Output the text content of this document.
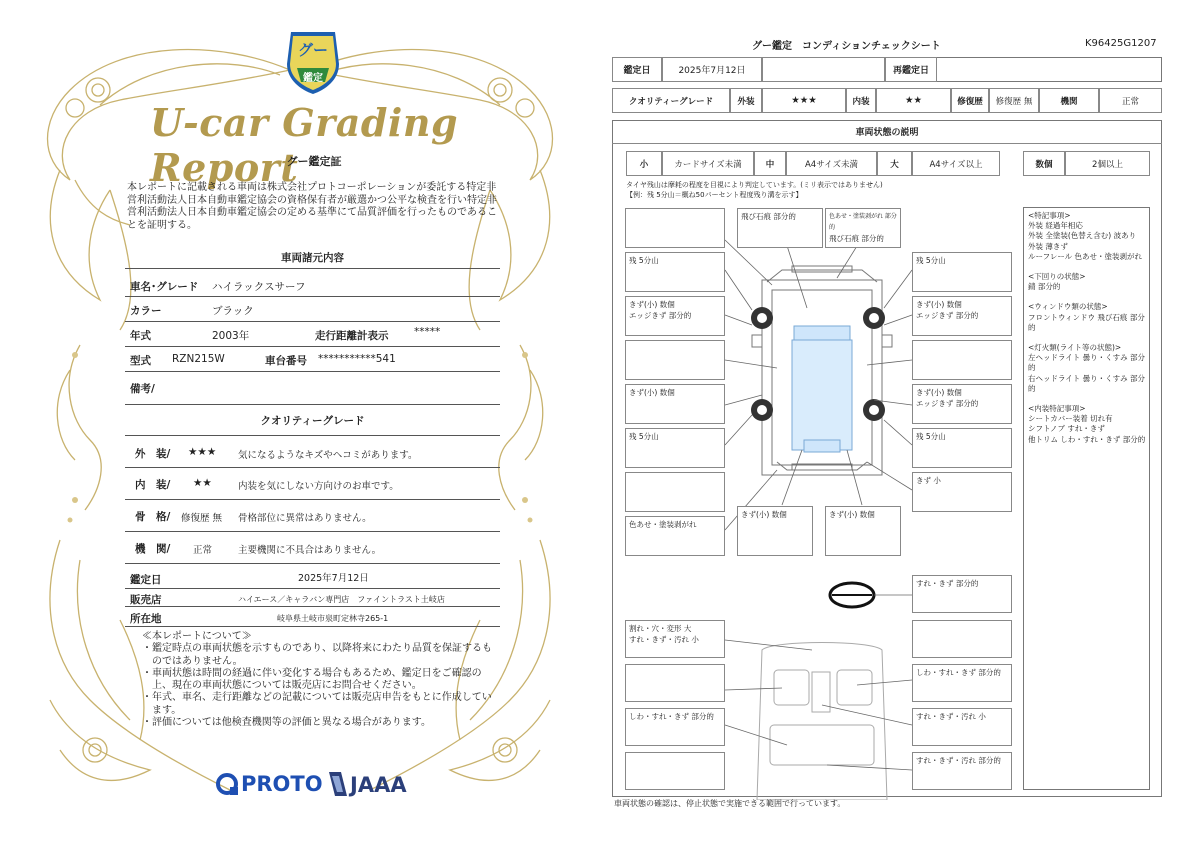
グー
鑑定
U-car Grading Report
グー鑑定証
本レポートに記載される車両は株式会社プロトコーポレーションが委託する特定非営利活動法人日本自動車鑑定協会の資格保有者が厳選かつ公平な検査を行い特定非営利活動法人日本自動車鑑定協会の定める基準にて品質評価を行ったものであることを証明する。
車両諸元内容
車名･グレード ハイラックスサーフ
カラー	ブラック
年式	2003年	走行距離計表示 *****
型式 RZN215W	車台番号 ***********541
備考/
クオリティーグレード
外　装/ ★★★ 気になるようなキズやヘコミがあります。
内　装/ ★★	内装を気にしない方向けのお車です。
骨　格/ 修復歴 無 骨格部位に異常はありません。
機　関/ 正常	主要機関に不具合はありません。
鑑定日	2025年7月12日
販売店	ハイエース／キャラバン専門店　ファイントラスト土岐店
所在地	岐阜県土岐市泉町定林寺265-1
≪本レポートについて≫
・鑑定時点の車両状態を示すものであり、以降将来にわたり品質を保証するものではありません。
・車両状態は時間の経過に伴い変化する場合もあるため、鑑定日をご確認の上、現在の車両状態については販売店にお問合せください。
・年式、車名、走行距離などの記載については販売店申告をもとに作成しています。
・評価については他検査機関等の評価と異なる場合があります。
PROTO JAAA
グー鑑定　コンディションチェックシート	K96425G1207
鑑定日	2025年7月12日	再鑑定日
クオリティーグレード	外装	★★★	内装	★★	修復歴	修復歴 無	機関	正常
車両状態の説明
小	カードサイズ未満	中	A4サイズ未満	大	A4サイズ以上	数個	2個以上
タイヤ残山は摩耗の程度を目視により判定しています。(ミリ表示ではありません)
【例：残 5分山＝概ね50パーセント程度残り溝を示す】
飛び石痕 部分的	色あせ・塗装剥がれ 部分的
飛び石痕 部分的
残 5分山
きず(小) 数個
エッジきず 部分的
きず(小) 数個
残 5分山
色あせ・塗装剥がれ
きず(小) 数個	きず(小) 数個
残 5分山
きず(小) 数個
エッジきず 部分的
きず(小) 数個
エッジきず 部分的
残 5分山
きず 小
すれ・きず 部分的
割れ・穴・変形 大
すれ・きず・汚れ 小
しわ・すれ・きず 部分的
しわ・すれ・きず 部分的	すれ・きず・汚れ 小
すれ・きず・汚れ 部分的
<特記事項>
外装 経過年相応
外装 全塗装(色替え含む) 波あり
外装 薄きず
ルーフレール 色あせ・塗装剥がれ
<下回りの状態>
錆 部分的
<ウィンドウ類の状態>
フロントウィンドウ 飛び石痕 部分的
<灯火類(ライト等の状態)>
左ヘッドライト 曇り・くすみ 部分的
右ヘッドライト 曇り・くすみ 部分的
<内装特記事項>
シートカバー装着 切れ有
シフトノブ すれ・きず
他トリム しわ・すれ・きず 部分的
車両状態の確認は、停止状態で実施できる範囲で行っています。
